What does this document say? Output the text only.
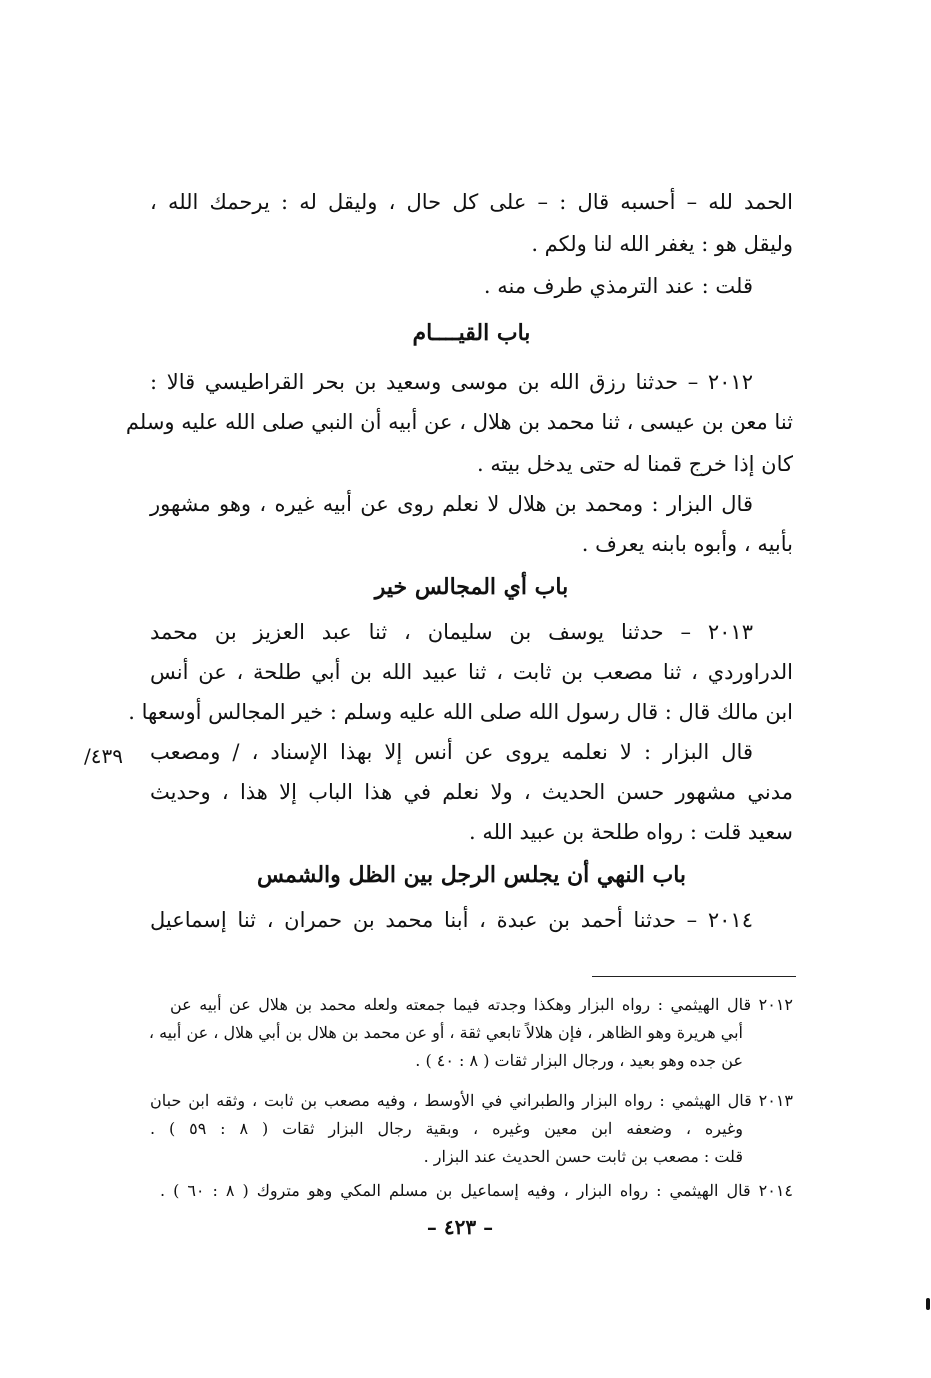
الحمد لله – أحسبه قال : – على كل حال ، وليقل له : يرحمك الله ،
وليقل هو : يغفر الله لنا ولكم .
قلت : عند الترمذي طرف منه .
باب القيــــام
٢٠١٢ – حدثنا رزق الله بن موسى وسعيد بن بحر القراطيسي قالا :
ثنا معن بن عيسى ، ثنا محمد بن هلال ، عن أبيه أن النبي صلى الله عليه وسلم
كان إذا خرج قمنا له حتى يدخل بيته .
قال البزار : ومحمد بن هلال لا نعلم روى عن أبيه غيره ، وهو مشهور
بأبيه ، وأبوه بابنه يعرف .
باب أي المجالس خير
٢٠١٣ – حدثنا يوسف بن سليمان ، ثنا عبد العزيز بن محمد
الدراوردي ، ثنا مصعب بن ثابت ، ثنا عبيد الله بن أبي طلحة ، عن أنس
ابن مالك قال : قال رسول الله صلى الله عليه وسلم : خير المجالس أوسعها .
قال البزار : لا نعلمه يروى عن أنس إلا بهذا الإسناد ، / ومصعب
٤٣٩/
مدني مشهور حسن الحديث ، ولا نعلم في هذا الباب إلا هذا ، وحديث
سعيد قلت : رواه طلحة بن عبيد الله .
باب النهي أن يجلس الرجل بين الظل والشمس
٢٠١٤ – حدثنا أحمد بن عبدة ، أبنا محمد بن حمران ، ثنا إسماعيل
٢٠١٢ قال الهيثمي : رواه البزار وهكذا وجدته فيما جمعته ولعله محمد بن هلال عن أبيه عن
أبي هريرة وهو الظاهر ، فإن هلالاً تابعي ثقة ، أو عن محمد بن هلال بن أبي هلال ، عن أبيه ،
عن جده وهو بعيد ، ورجال البزار ثقات ( ٨ : ٤٠ ) .
٢٠١٣ قال الهيثمي : رواه البزار والطبراني في الأوسط ، وفيه مصعب بن ثابت ، وثقه ابن حبان
وغيره ، وضعفه ابن معين وغيره ، وبقية رجال البزار ثقات ( ٨ : ٥٩ ) .
قلت : مصعب بن ثابت حسن الحديث عند البزار .
٢٠١٤ قال الهيثمي : رواه البزار ، وفيه إسماعيل بن مسلم المكي وهو متروك ( ٨ : ٦٠ ) .
– ٤٢٣ –
